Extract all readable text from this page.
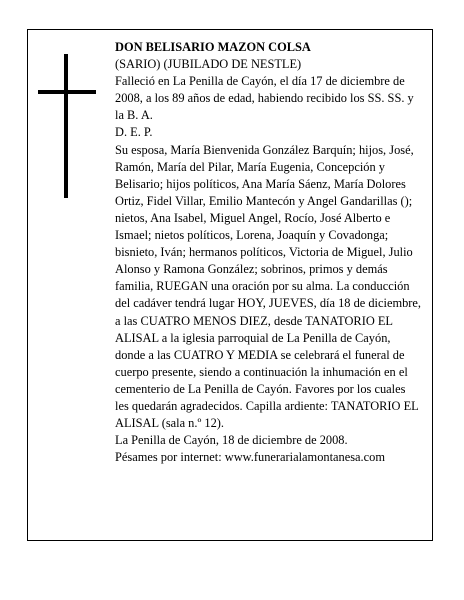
DON BELISARIO MAZON COLSA

(SARIO) (JUBILADO DE NESTLE)

Falleció en La Penilla de Cayón, el día 17 de diciembre de 2008, a los 89 años de edad, habiendo recibido los SS. SS. y la B. A.

D. E. P.

Su esposa, María Bienvenida González Barquín; hijos, José, Ramón, María del Pilar, María Eugenia, Concepción y Belisario; hijos políticos, Ana María Sáenz, María Dolores Ortiz, Fidel Villar, Emilio Mantecón y Angel Gandarillas (); nietos, Ana Isabel, Miguel Angel, Rocío, José Alberto e Ismael; nietos políticos, Lorena, Joaquín y Covadonga; bisnieto, Iván; hermanos políticos, Victoria de Miguel, Julio Alonso y Ramona González; sobrinos, primos y demás familia, RUEGAN una oración por su alma. La conducción del cadáver tendrá lugar HOY, JUEVES, día 18 de diciembre, a las CUATRO MENOS DIEZ, desde TANATORIO EL ALISAL a la iglesia parroquial de La Penilla de Cayón, donde a las CUATRO Y MEDIA se celebrará el funeral de cuerpo presente, siendo a continuación la inhumación en el cementerio de La Penilla de Cayón. Favores por los cuales les quedarán agradecidos. Capilla ardiente: TANATORIO EL ALISAL (sala n.º 12).

La Penilla de Cayón, 18 de diciembre de 2008.

Pésames por internet: www.funerarialamontanesa.com
